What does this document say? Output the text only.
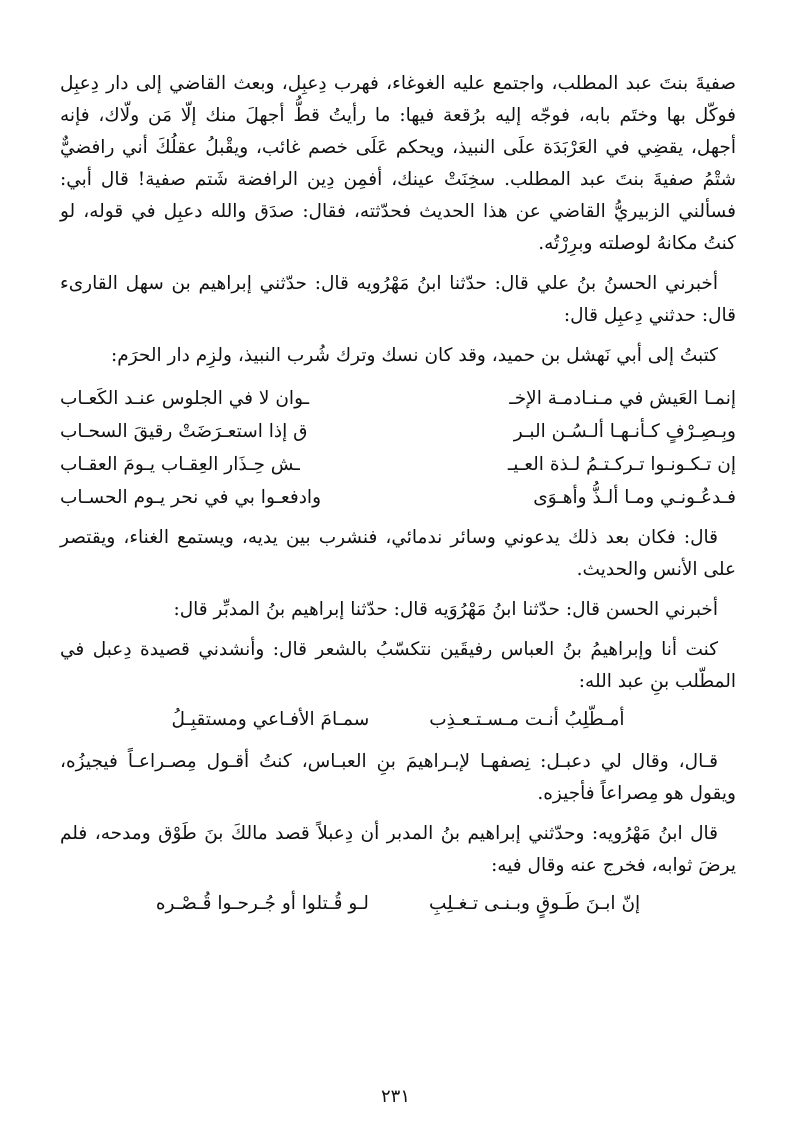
صفيةَ بنتَ عبد المطلب، واجتمع عليه الغوغاء، فهرب دِعبِل، وبعث القاضي إلى دار دِعبِل فوكّل بها وختَم بابه، فوجّه إليه برُقعة فيها: ما رأيتُ قطُّ أجهلَ منك إلّا مَن ولّاك، فإنه أجهل، يقضِي في العَرْبَدَة علَى النبيذ، ويحكم عَلَى خصم غائب، ويقْبلُ عقلُكَ أني رافضيٌّ شتْمُ صفيةَ بنتَ عبد المطلب. سخِنَتْ عينك، أفمِن دِين الرافضة شَتم صفية! قال أبي: فسألني الزبيريُّ القاضي عن هذا الحديث فحدّثته، فقال: صدَق والله دعبِل في قوله، لو كنتُ مكانهُ لوصلته وبرِرْتُه.

أخبرني الحسنُ بنُ علي قال: حدّثنا ابنُ مَهْرُويه قال: حدّثني إبراهيم بن سهل القارىء قال: حدثني دِعبِل قال:

كتبتُ إلى أبي نَهشل بن حميد، وقد كان نسك وترك شُرب النبيذ، ولزِم دار الحرَم:

إنمـا العَيش في مـنـادمـة الإخـ
ـوان لا في الجلوس عنـد الكَعـاب
وبِـصِـرْفٍ كـأنـهـا ألـسُـن البـر
ق إذا استعـرَضَتْ رقيقَ السحـاب
إن تـكـونـوا تـركـتـمُ لـذة العـيـ
ـش حِـذَار العِقـاب يـومَ العقـاب
فـدعُـونـي ومـا ألـذُّ وأهـوَى
وادفعـوا بي في نحر يـوم الحسـاب

قال: فكان بعد ذلك يدعوني وسائر ندمائي، فنشرب بين يديه، ويستمع الغناء، ويقتصر على الأنس والحديث.

أخبرني الحسن قال: حدّثنا ابنُ مَهْرُوَيه قال: حدّثنا إبراهيم بنُ المدبِّر قال:

كنت أنا وإبراهيمُ بنُ العباس رفيقَين نتكسّبُ بالشعر قال: وأنشدني قصيدة دِعبل في المطّلب بنِ عبد الله:

أمـطّلِبُ أنـت مـسـتـعـذِب
سمـامَ الأفـاعي ومستقبِـلُ

قـال، وقال لي دعبـل: نِصفهـا لإبـراهيمَ بنِ العبـاس، كنتُ أقـول مِصـراعـاً فيجيزُه، ويقول هو مِصراعاً فأجيزه.

قال ابنُ مَهْرُويه: وحدّثني إبراهيم بنُ المدبر أن دِعبلاً قصد مالكَ بنَ طَوْق ومدحه، فلم يرضَ ثوابه، فخرج عنه وقال فيه:

إنّ ابـنَ طَـوقٍ وبـنـى تـغـلِبِ
لـو قُـتلوا أو جُـرحـوا قُـصْـره
٢٣١
